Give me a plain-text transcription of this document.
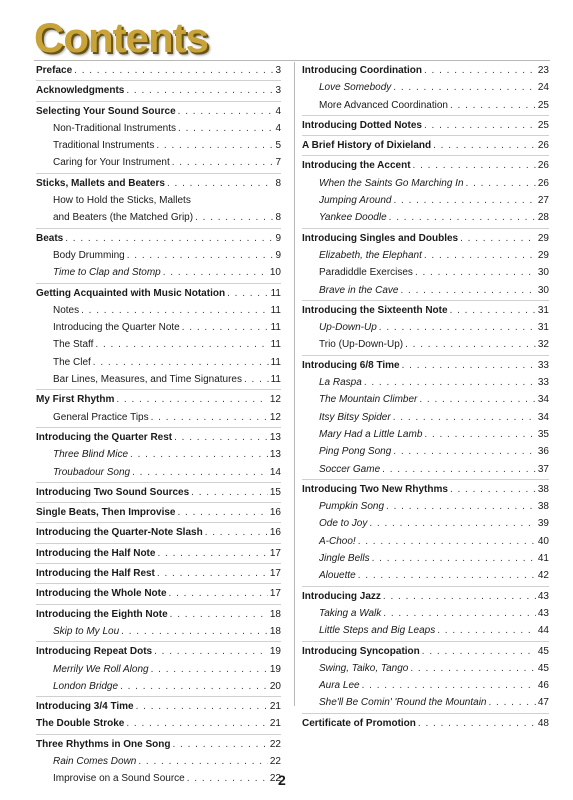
Contents
Preface . . .	3
Acknowledgments . . .	3
Selecting Your Sound Source . . .	4
Non-Traditional Instruments . . .	4
Traditional Instruments . . .	5
Caring for Your Instrument . . .	7
Sticks, Mallets and Beaters . . .	8
How to Hold the Sticks, Mallets
and Beaters (the Matched Grip) . . .	8
Beats . . .	9
Body Drumming . . .	9
Time to Clap and Stomp . . .	10
Getting Acquainted with Music Notation . . .	11
Notes . . .	11
Introducing the Quarter Note . . .	11
The Staff . . .	11
The Clef . . .	11
Bar Lines, Measures, and Time Signatures . . .	11
My First Rhythm . . .	12
General Practice Tips . . .	12
Introducing the Quarter Rest . . .	13
Three Blind Mice . . .	13
Troubadour Song . . .	14
Introducing Two Sound Sources . . .	15
Single Beats, Then Improvise . . .	16
Introducing the Quarter-Note Slash . . .	16
Introducing the Half Note . . .	17
Introducing the Half Rest . . .	17
Introducing the Whole Note . . .	17
Introducing the Eighth Note . . .	18
Skip to My Lou . . .	18
Introducing Repeat Dots . . .	19
Merrily We Roll Along . . .	19
London Bridge . . .	20
Introducing 3/4 Time . . .	21
The Double Stroke . . .	21
Three Rhythms in One Song . . .	22
Rain Comes Down . . .	22
Improvise on a Sound Source . . .	22
Introducing Coordination . . .	23
Love Somebody . . .	24
More Advanced Coordination . . .	25
Introducing Dotted Notes . . .	25
A Brief History of Dixieland . . .	26
Introducing the Accent . . .	26
When the Saints Go Marching In . . .	26
Jumping Around . . .	27
Yankee Doodle . . .	28
Introducing Singles and Doubles . . .	29
Elizabeth, the Elephant . . .	29
Paradiddle Exercises . . .	30
Brave in the Cave . . .	30
Introducing the Sixteenth Note . . .	31
Up-Down-Up . . .	31
Trio (Up-Down-Up) . . .	32
Introducing 6/8 Time . . .	33
La Raspa . . .	33
The Mountain Climber . . .	34
Itsy Bitsy Spider . . .	34
Mary Had a Little Lamb . . .	35
Ping Pong Song . . .	36
Soccer Game . . .	37
Introducing Two New Rhythms . . .	38
Pumpkin Song . . .	38
Ode to Joy . . .	39
A-Choo! . . .	40
Jingle Bells . . .	41
Alouette . . .	42
Introducing Jazz . . .	43
Taking a Walk . . .	43
Little Steps and Big Leaps . . .	44
Introducing Syncopation . . .	45
Swing, Taiko, Tango . . .	45
Aura Lee . . .	46
She'll Be Comin' 'Round the Mountain . . .	47
Certificate of Promotion . . .	48
2
